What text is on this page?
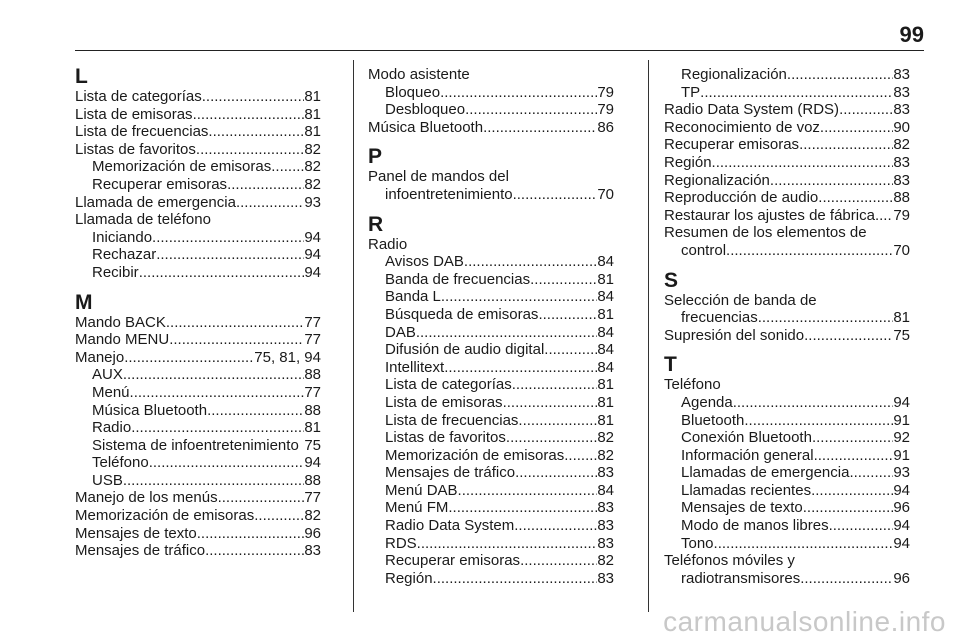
99
L
Lista de categorías .....	81
Lista de emisoras .....	81
Lista de frecuencias .....	81
Listas de favoritos .....	82
Memorización de emisoras ..... 82
Recuperar emisoras .....	82
Llamada de emergencia .....	93
Llamada de teléfono
Iniciando .....	94
Rechazar .....	94
Recibir .....	94
M
Mando BACK .....	77
Mando MENU .....	77
Manejo .....	75, 81, 94
AUX .....	88
Menú .....	77
Música Bluetooth .....	88
Radio .....	81
Sistema de infoentretenimiento 75
Teléfono .....	94
USB .....	88
Manejo de los menús .....	77
Memorización de emisoras .....	82
Mensajes de texto .....	96
Mensajes de tráfico .....	83
Modo asistente
Bloqueo .....	79
Desbloqueo .....	79
Música Bluetooth .....	86
P
Panel de mandos del
infoentretenimiento .....	70
R
Radio
Avisos DAB .....	84
Banda de frecuencias .....	81
Banda L .....	84
Búsqueda de emisoras .....	81
DAB .....	84
Difusión de audio digital .....	84
Intellitext .....	84
Lista de categorías .....	81
Lista de emisoras .....	81
Lista de frecuencias .....	81
Listas de favoritos .....	82
Memorización de emisoras ..... 82
Mensajes de tráfico .....	83
Menú DAB .....	84
Menú FM .....	83
Radio Data System .....	83
RDS .....	83
Recuperar emisoras .....	82
Región .....	83
Regionalización .....	83
TP .....	83
Radio Data System (RDS) .....	83
Reconocimiento de voz .....	90
Recuperar emisoras .....	82
Región .....	83
Regionalización .....	83
Reproducción de audio .....	88
Restaurar los ajustes de fábrica ..... 79
Resumen de los elementos de
control .....	70
S
Selección de banda de
frecuencias .....	81
Supresión del sonido .....	75
T
Teléfono
Agenda .....	94
Bluetooth .....	91
Conexión Bluetooth .....	92
Información general .....	91
Llamadas de emergencia .....	93
Llamadas recientes .....	94
Mensajes de texto .....	96
Modo de manos libres .....	94
Tono .....	94
Teléfonos móviles y
radiotransmisores .....	96
carmanualsonline.info
